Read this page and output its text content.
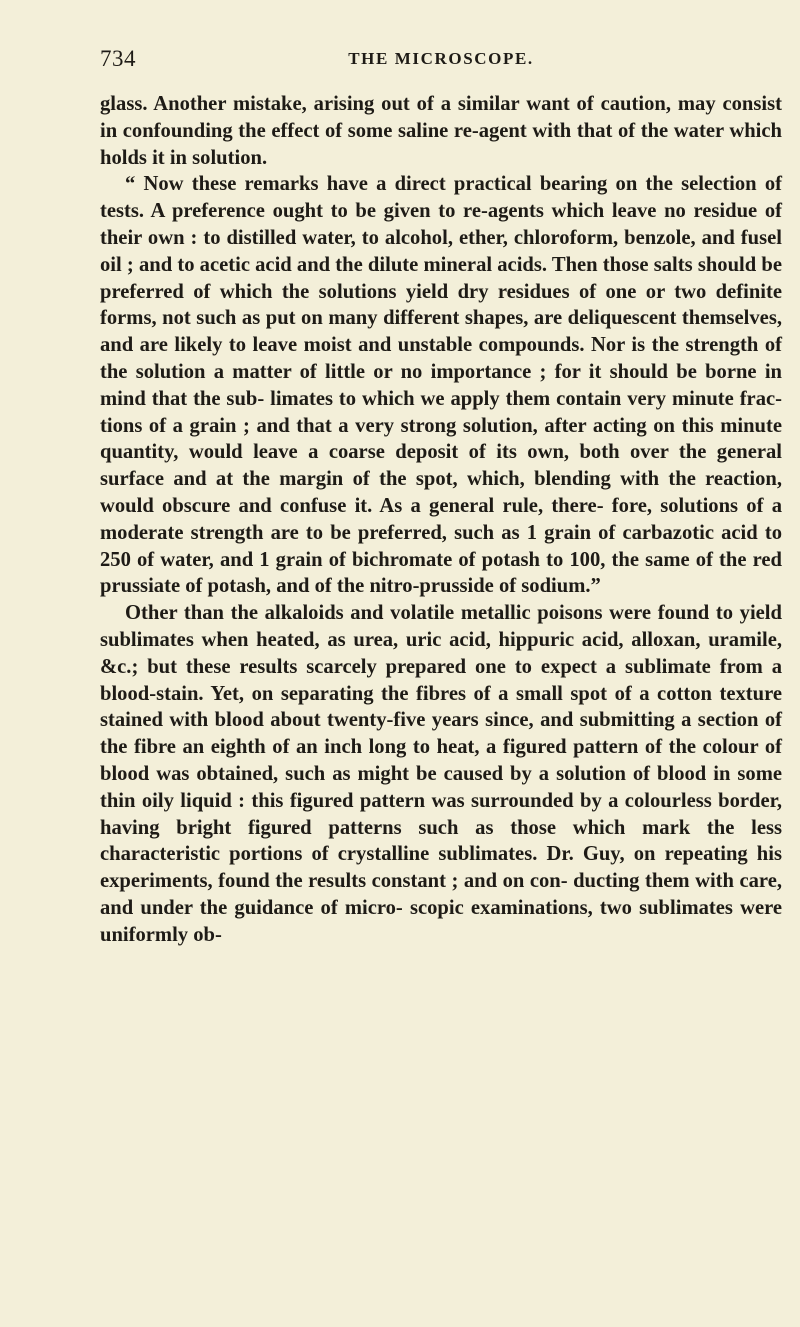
734	THE MICROSCOPE.

glass. Another mistake, arising out of a similar want of caution, may consist in confounding the effect of some saline re-agent with that of the water which holds it in solution.

“ Now these remarks have a direct practical bearing on the selection of tests. A preference ought to be given to re-agents which leave no residue of their own : to distilled water, to alcohol, ether, chloroform, benzole, and fusel oil ; and to acetic acid and the dilute mineral acids. Then those salts should be preferred of which the solutions yield dry residues of one or two definite forms, not such as put on many different shapes, are deliquescent themselves, and are likely to leave moist and unstable compounds. Nor is the strength of the solution a matter of little or no importance ; for it should be borne in mind that the sub- limates to which we apply them contain very minute frac- tions of a grain ; and that a very strong solution, after acting on this minute quantity, would leave a coarse deposit of its own, both over the general surface and at the margin of the spot, which, blending with the reaction, would obscure and confuse it. As a general rule, there- fore, solutions of a moderate strength are to be preferred, such as 1 grain of carbazotic acid to 250 of water, and 1 grain of bichromate of potash to 100, the same of the red prussiate of potash, and of the nitro-prusside of sodium.”

Other than the alkaloids and volatile metallic poisons were found to yield sublimates when heated, as urea, uric acid, hippuric acid, alloxan, uramile, &c.; but these results scarcely prepared one to expect a sublimate from a blood-stain. Yet, on separating the fibres of a small spot of a cotton texture stained with blood about twenty-five years since, and submitting a section of the fibre an eighth of an inch long to heat, a figured pattern of the colour of blood was obtained, such as might be caused by a solution of blood in some thin oily liquid : this figured pattern was surrounded by a colourless border, having bright figured patterns such as those which mark the less characteristic portions of crystalline sublimates. Dr. Guy, on repeating his experiments, found the results constant ; and on con- ducting them with care, and under the guidance of micro- scopic examinations, two sublimates were uniformly ob-
